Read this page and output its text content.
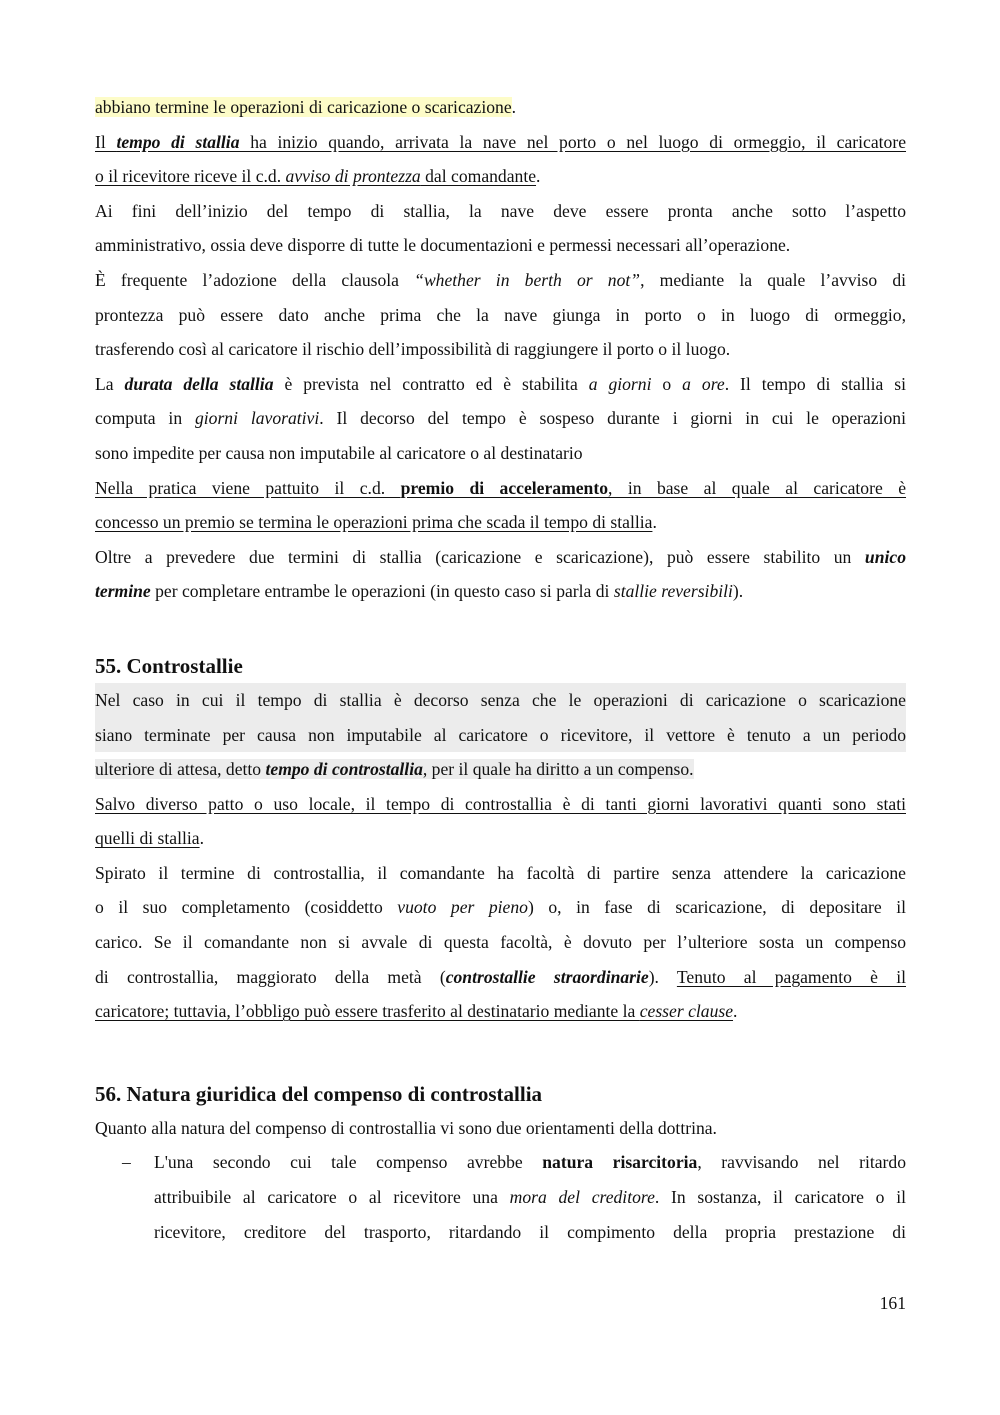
abbiano termine le operazioni di caricazione o scaricazione.
Il tempo di stallia ha inizio quando, arrivata la nave nel porto o nel luogo di ormeggio, il caricatore
o il ricevitore riceve il c.d. avviso di prontezza dal comandante.
Ai fini dell’inizio del tempo di stallia, la nave deve essere pronta anche sotto l’aspetto
amministrativo, ossia deve disporre di tutte le documentazioni e permessi necessari all’operazione.
È frequente l’adozione della clausola “whether in berth or not”, mediante la quale l’avviso di
prontezza può essere dato anche prima che la nave giunga in porto o in luogo di ormeggio,
trasferendo così al caricatore il rischio dell’impossibilità di raggiungere il porto o il luogo.
La durata della stallia è prevista nel contratto ed è stabilita a giorni o a ore. Il tempo di stallia si
computa in giorni lavorativi. Il decorso del tempo è sospeso durante i giorni in cui le operazioni
sono impedite per causa non imputabile al caricatore o al destinatario
Nella pratica viene pattuito il c.d. premio di acceleramento, in base al quale al caricatore è
concesso un premio se termina le operazioni prima che scada il tempo di stallia.
Oltre a prevedere due termini di stallia (caricazione e scaricazione), può essere stabilito un unico
termine per completare entrambe le operazioni (in questo caso si parla di stallie reversibili).
55. Controstallie
Nel caso in cui il tempo di stallia è decorso senza che le operazioni di caricazione o scaricazione
siano terminate per causa non imputabile al caricatore o ricevitore, il vettore è tenuto a un periodo
ulteriore di attesa, detto tempo di controstallia, per il quale ha diritto a un compenso.
Salvo diverso patto o uso locale, il tempo di controstallia è di tanti giorni lavorativi quanti sono stati
quelli di stallia.
Spirato il termine di controstallia, il comandante ha facoltà di partire senza attendere la caricazione
o il suo completamento (cosiddetto vuoto per pieno) o, in fase di scaricazione, di depositare il
carico. Se il comandante non si avvale di questa facoltà, è dovuto per l’ulteriore sosta un compenso
di controstallia, maggiorato della metà (controstallie straordinarie). Tenuto al pagamento è il
caricatore; tuttavia, l’obbligo può essere trasferito al destinatario mediante la cesser clause.
56. Natura giuridica del compenso di controstallia
Quanto alla natura del compenso di controstallia vi sono due orientamenti della dottrina.
– L'una secondo cui tale compenso avrebbe natura risarcitoria, ravvisando nel ritardo
attribuibile al caricatore o al ricevitore una mora del creditore. In sostanza, il caricatore o il
ricevitore, creditore del trasporto, ritardando il compimento della propria prestazione di
161
